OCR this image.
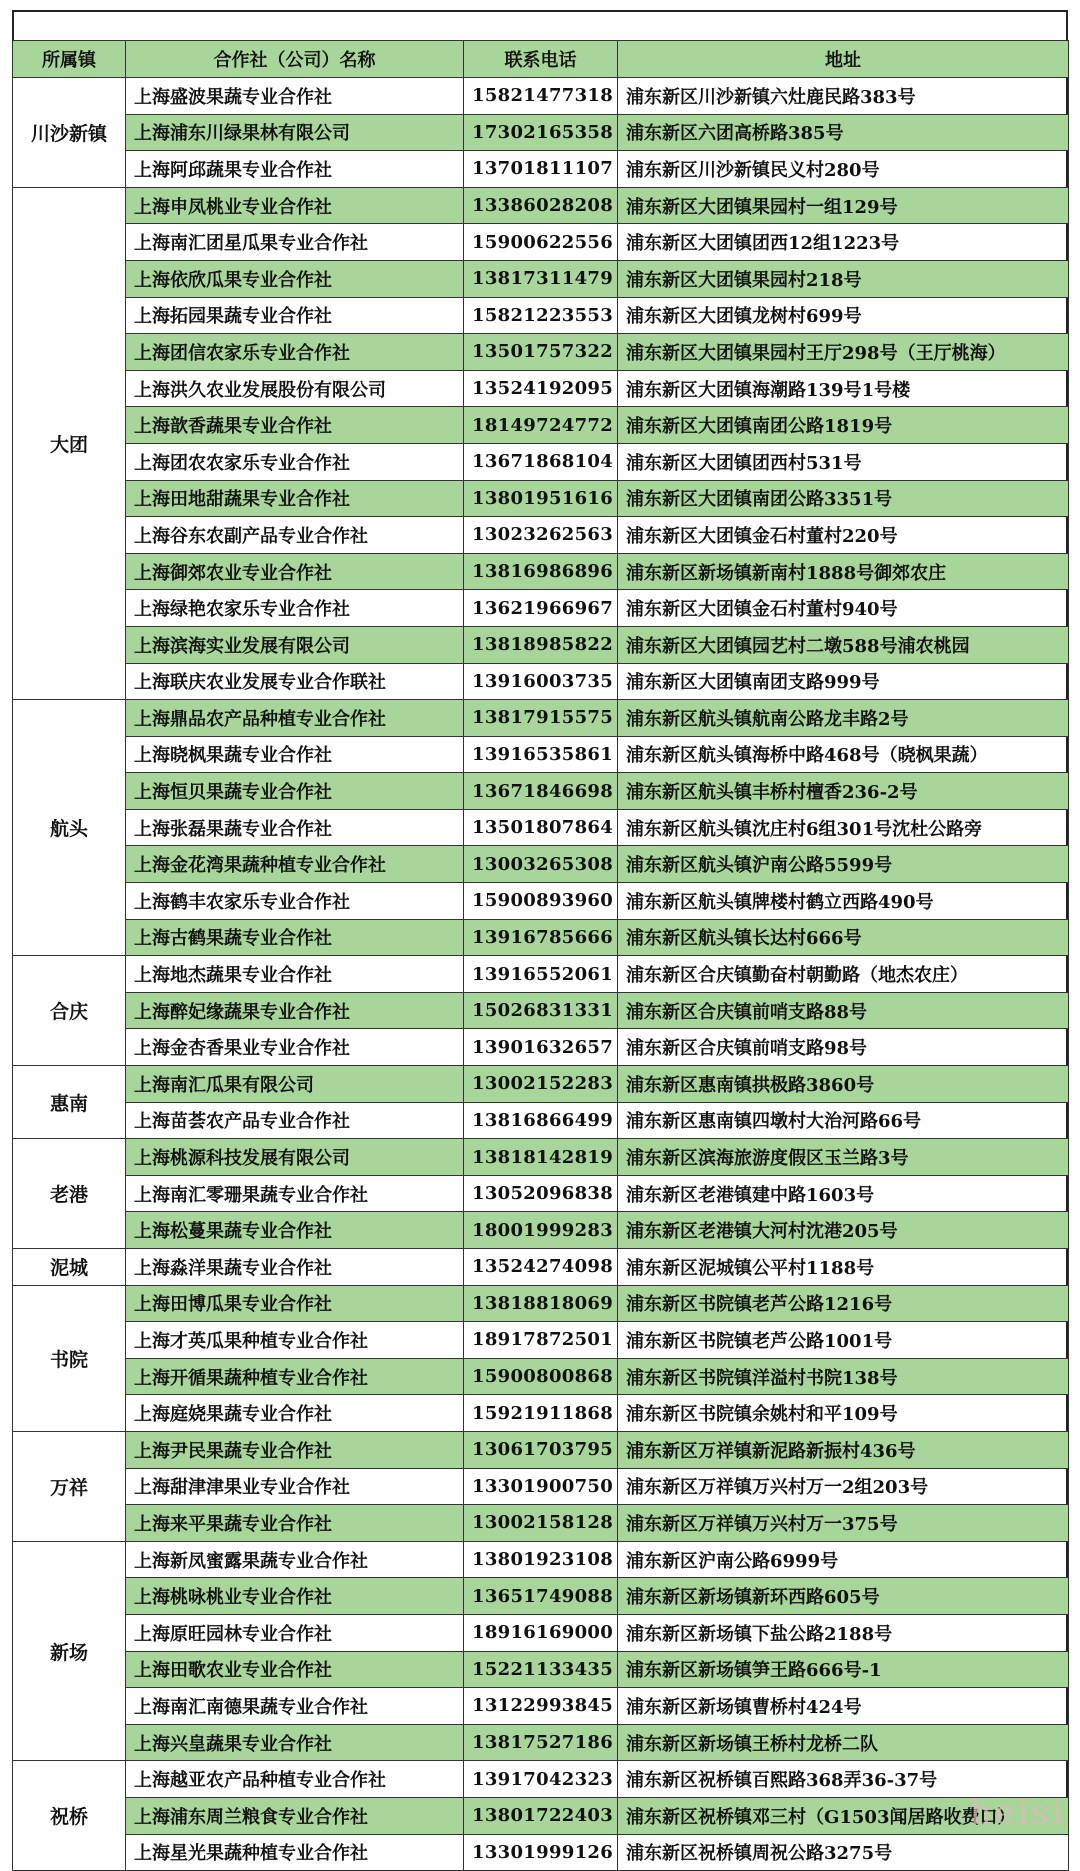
所属镇	合作社（公司）名称	联系电话	地址
川沙新镇	上海盛波果蔬专业合作社	15821477318	浦东新区川沙新镇六灶鹿民路383号
	上海浦东川绿果林有限公司	17302165358	浦东新区六团高桥路385号
	上海阿邱蔬果专业合作社	13701811107	浦东新区川沙新镇民义村280号
大团	上海申凤桃业专业合作社	13386028208	浦东新区大团镇果园村一组129号
	上海南汇团星瓜果专业合作社	15900622556	浦东新区大团镇团西12组1223号
	上海依欣瓜果专业合作社	13817311479	浦东新区大团镇果园村218号
	上海拓园果蔬专业合作社	15821223553	浦东新区大团镇龙树村699号
	上海团信农家乐专业合作社	13501757322	浦东新区大团镇果园村王厅298号（王厅桃海）
	上海洪久农业发展股份有限公司	13524192095	浦东新区大团镇海潮路139号1号楼
	上海歆香蔬果专业合作社	18149724772	浦东新区大团镇南团公路1819号
	上海团农农家乐专业合作社	13671868104	浦东新区大团镇团西村531号
	上海田地甜蔬果专业合作社	13801951616	浦东新区大团镇南团公路3351号
	上海谷东农副产品专业合作社	13023262563	浦东新区大团镇金石村董村220号
	上海御郊农业专业合作社	13816986896	浦东新区新场镇新南村1888号御郊农庄
	上海绿艳农家乐专业合作社	13621966967	浦东新区大团镇金石村董村940号
	上海滨海实业发展有限公司	13818985822	浦东新区大团镇园艺村二墩588号浦农桃园
	上海联庆农业发展专业合作联社	13916003735	浦东新区大团镇南团支路999号
航头	上海鼎品农产品种植专业合作社	13817915575	浦东新区航头镇航南公路龙丰路2号
	上海晓枫果蔬专业合作社	13916535861	浦东新区航头镇海桥中路468号（晓枫果蔬）
	上海恒贝果蔬专业合作社	13671846698	浦东新区航头镇丰桥村檀香236-2号
	上海张磊果蔬专业合作社	13501807864	浦东新区航头镇沈庄村6组301号沈杜公路旁
	上海金花湾果蔬种植专业合作社	13003265308	浦东新区航头镇沪南公路5599号
	上海鹤丰农家乐专业合作社	15900893960	浦东新区航头镇牌楼村鹤立西路490号
	上海古鹤果蔬专业合作社	13916785666	浦东新区航头镇长达村666号
合庆	上海地杰蔬果专业合作社	13916552061	浦东新区合庆镇勤奋村朝勤路（地杰农庄）
	上海醉妃缘蔬果专业合作社	15026831331	浦东新区合庆镇前哨支路88号
	上海金杏香果业专业合作社	13901632657	浦东新区合庆镇前哨支路98号
惠南	上海南汇瓜果有限公司	13002152283	浦东新区惠南镇拱极路3860号
	上海苗荟农产品专业合作社	13816866499	浦东新区惠南镇四墩村大治河路66号
老港	上海桃源科技发展有限公司	13818142819	浦东新区滨海旅游度假区玉兰路3号
	上海南汇零珊果蔬专业合作社	13052096838	浦东新区老港镇建中路1603号
	上海松蔓果蔬专业合作社	18001999283	浦东新区老港镇大河村沈港205号
泥城	上海淼洋果蔬专业合作社	13524274098	浦东新区泥城镇公平村1188号
书院	上海田博瓜果专业合作社	13818818069	浦东新区书院镇老芦公路1216号
	上海才英瓜果种植专业合作社	18917872501	浦东新区书院镇老芦公路1001号
	上海开循果蔬种植专业合作社	15900800868	浦东新区书院镇洋溢村书院138号
	上海庭娆果蔬专业合作社	15921911868	浦东新区书院镇余姚村和平109号
万祥	上海尹民果蔬专业合作社	13061703795	浦东新区万祥镇新泥路新振村436号
	上海甜津津果业专业合作社	13301900750	浦东新区万祥镇万兴村万一2组203号
	上海来平果蔬专业合作社	13002158128	浦东新区万祥镇万兴村万一375号
新场	上海新凤蜜露果蔬专业合作社	13801923108	浦东新区沪南公路6999号
	上海桃咏桃业专业合作社	13651749088	浦东新区新场镇新环西路605号
	上海原旺园林专业合作社	18916169000	浦东新区新场镇下盐公路2188号
	上海田歌农业专业合作社	15221133435	浦东新区新场镇笋王路666号-1
	上海南汇南德果蔬专业合作社	13122993845	浦东新区新场镇曹桥村424号
	上海兴皇蔬果专业合作社	13817527186	浦东新区新场镇王桥村龙桥二队
祝桥	上海越亚农产品种植专业合作社	13917042323	浦东新区祝桥镇百熙路368弄36-37号
	上海浦东周兰粮食专业合作社	13801722403	浦东新区祝桥镇邓三村（G1503闻居路收费口）
	上海星光果蔬种植专业合作社	13301999126	浦东新区祝桥镇周祝公路3275号
heisi
